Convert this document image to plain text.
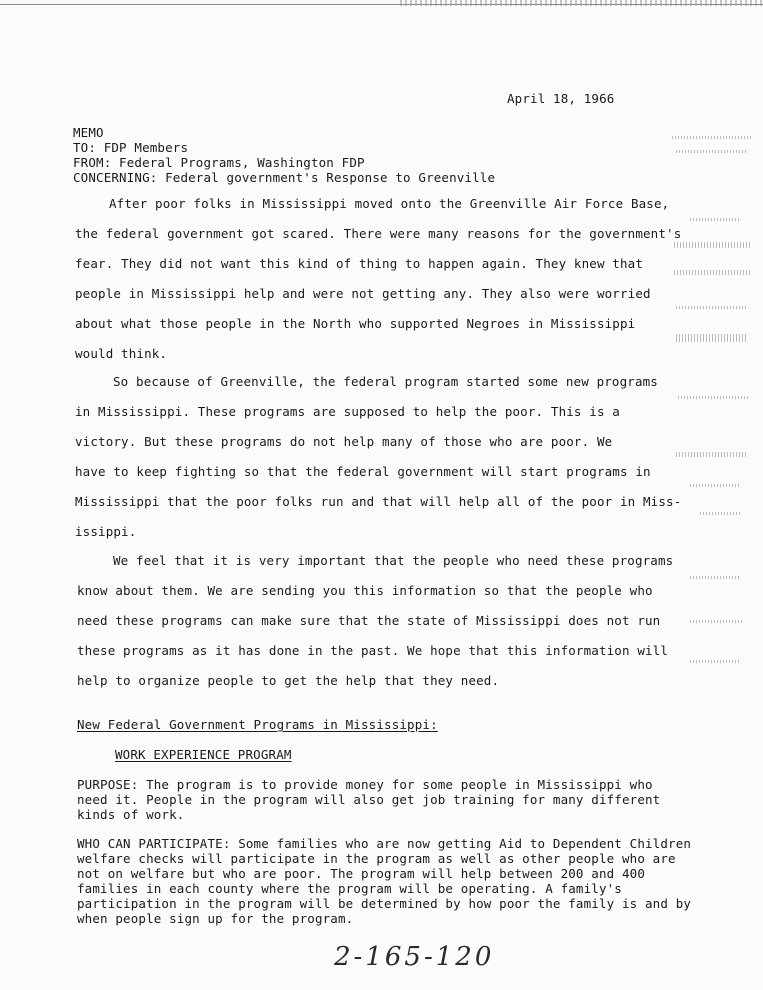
April 18, 1966
MEMO
TO: FDP Members
FROM: Federal Programs, Washington FDP
CONCERNING: Federal government's Response to Greenville
After poor folks in Mississippi moved onto the Greenville Air Force Base,
the federal government got scared. There were many reasons for the government's
fear. They did not want this kind of thing to happen again. They knew that
people in Mississippi help and were not getting any. They also were worried
about what those people in the North who supported Negroes in Mississippi
would think.
So because of Greenville, the federal program started some new programs
in Mississippi. These programs are supposed to help the poor. This is a
victory. But these programs do not help many of those who are poor. We
have to keep fighting so that the federal government will start programs in
Mississippi that the poor folks run and that will help all of the poor in Miss-
issippi.
We feel that it is very important that the people who need these programs
know about them. We are sending you this information so that the people who
need these programs can make sure that the state of Mississippi does not run
these programs as it has done in the past. We hope that this information will
help to organize people to get the help that they need.
New Federal Government Programs in Mississippi:
WORK EXPERIENCE PROGRAM
PURPOSE: The program is to provide money for some people in Mississippi who
need it. People in the program will also get job training for many different
kinds of work.
WHO CAN PARTICIPATE: Some families who are now getting Aid to Dependent Children
welfare checks will participate in the program as well as other people who are
not on welfare but who are poor. The program will help between 200 and 400
families in each county where the program will be operating. A family's
participation in the program will be determined by how poor the family is and by
when people sign up for the program.
2-165-120
